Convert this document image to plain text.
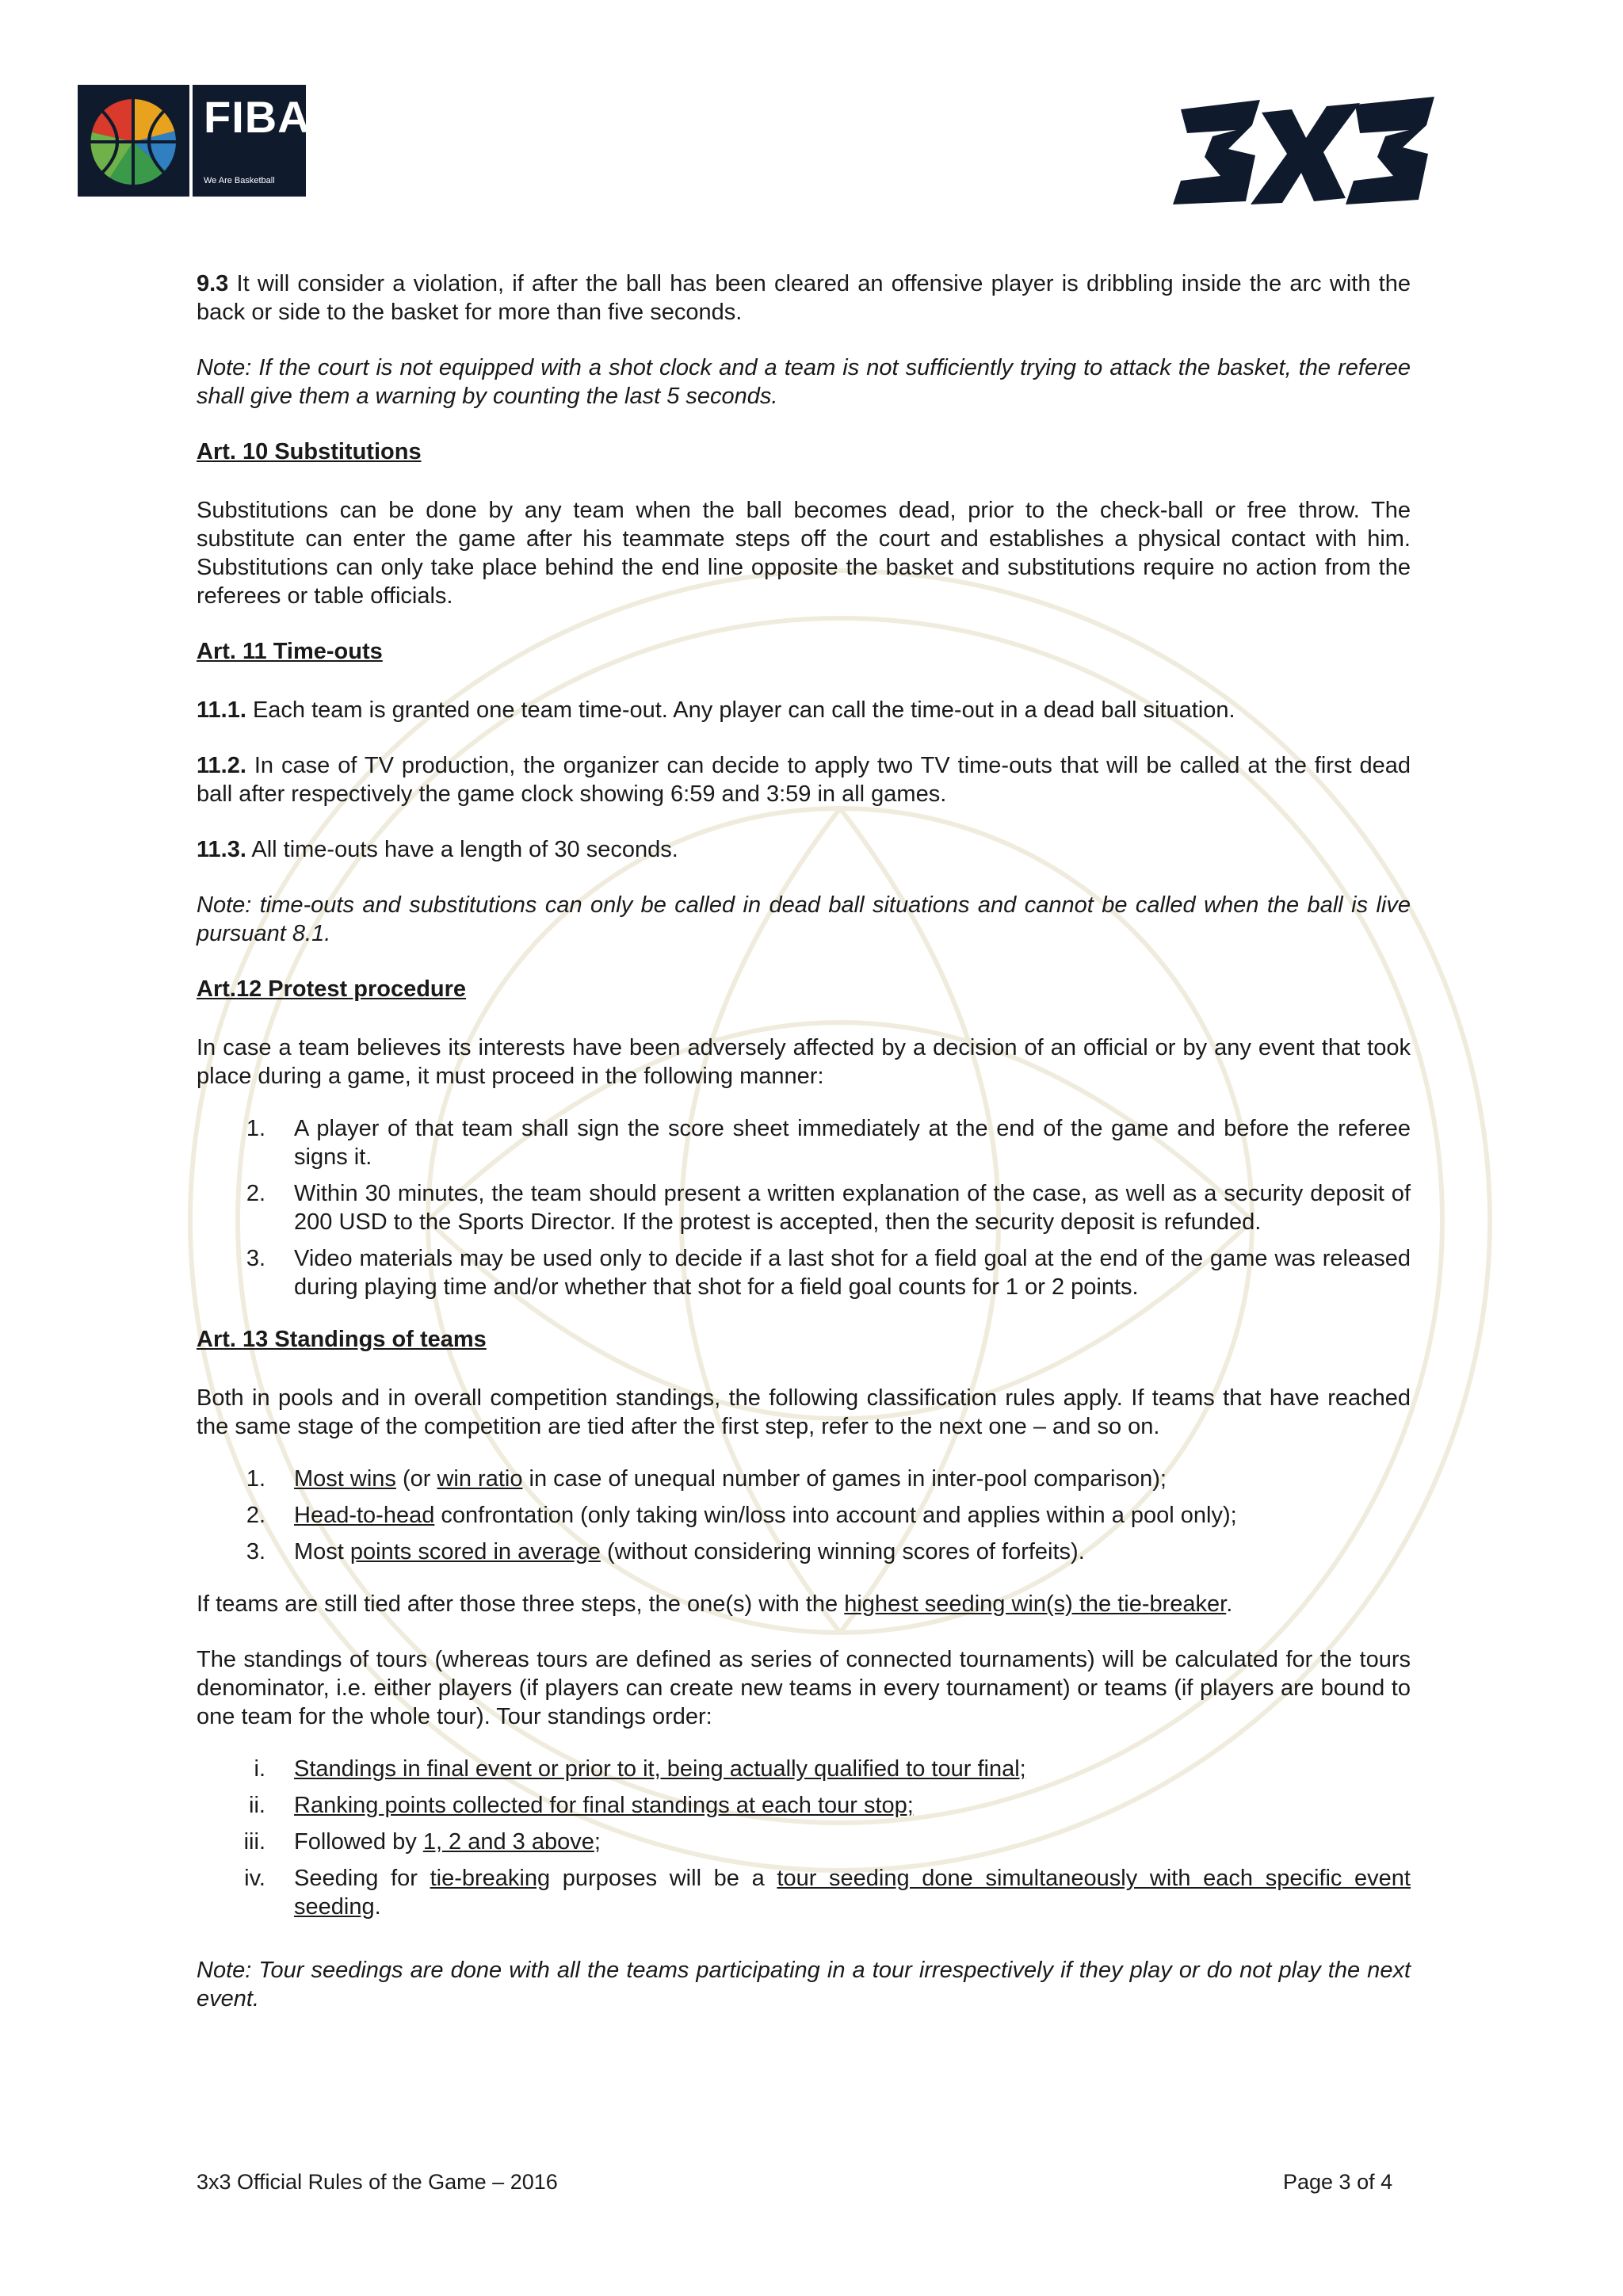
FIBA
We Are Basketball
3X3

9.3 It will consider a violation, if after the ball has been cleared an offensive player is dribbling inside the arc with the back or side to the basket for more than five seconds.

Note: If the court is not equipped with a shot clock and a team is not sufficiently trying to attack the basket, the referee shall give them a warning by counting the last 5 seconds.

Art. 10 Substitutions

Substitutions can be done by any team when the ball becomes dead, prior to the check-ball or free throw. The substitute can enter the game after his teammate steps off the court and establishes a physical contact with him. Substitutions can only take place behind the end line opposite the basket and substitutions require no action from the referees or table officials.

Art. 11 Time-outs

11.1. Each team is granted one team time-out. Any player can call the time-out in a dead ball situation.

11.2. In case of TV production, the organizer can decide to apply two TV time-outs that will be called at the first dead ball after respectively the game clock showing 6:59 and 3:59 in all games.

11.3. All time-outs have a length of 30 seconds.

Note: time-outs and substitutions can only be called in dead ball situations and cannot be called when the ball is live pursuant 8.1.

Art.12 Protest procedure

In case a team believes its interests have been adversely affected by a decision of an official or by any event that took place during a game, it must proceed in the following manner:

1.	A player of that team shall sign the score sheet immediately at the end of the game and before the referee signs it.
2.	Within 30 minutes, the team should present a written explanation of the case, as well as a security deposit of 200 USD to the Sports Director. If the protest is accepted, then the security deposit is refunded.
3.	Video materials may be used only to decide if a last shot for a field goal at the end of the game was released during playing time and/or whether that shot for a field goal counts for 1 or 2 points.

Art. 13 Standings of teams

Both in pools and in overall competition standings, the following classification rules apply. If teams that have reached the same stage of the competition are tied after the first step, refer to the next one – and so on.

1.	Most wins (or win ratio in case of unequal number of games in inter-pool comparison);
2.	Head-to-head confrontation (only taking win/loss into account and applies within a pool only);
3.	Most points scored in average (without considering winning scores of forfeits).

If teams are still tied after those three steps, the one(s) with the highest seeding win(s) the tie-breaker.

The standings of tours (whereas tours are defined as series of connected tournaments) will be calculated for the tours denominator, i.e. either players (if players can create new teams in every tournament) or teams (if players are bound to one team for the whole tour). Tour standings order:

i.	Standings in final event or prior to it, being actually qualified to tour final;
ii.	Ranking points collected for final standings at each tour stop;
iii.	Followed by 1, 2 and 3 above;
iv.	Seeding for tie-breaking purposes will be a tour seeding done simultaneously with each specific event seeding.

Note: Tour seedings are done with all the teams participating in a tour irrespectively if they play or do not play the next event.

3x3 Official Rules of the Game – 2016	Page 3 of 4
